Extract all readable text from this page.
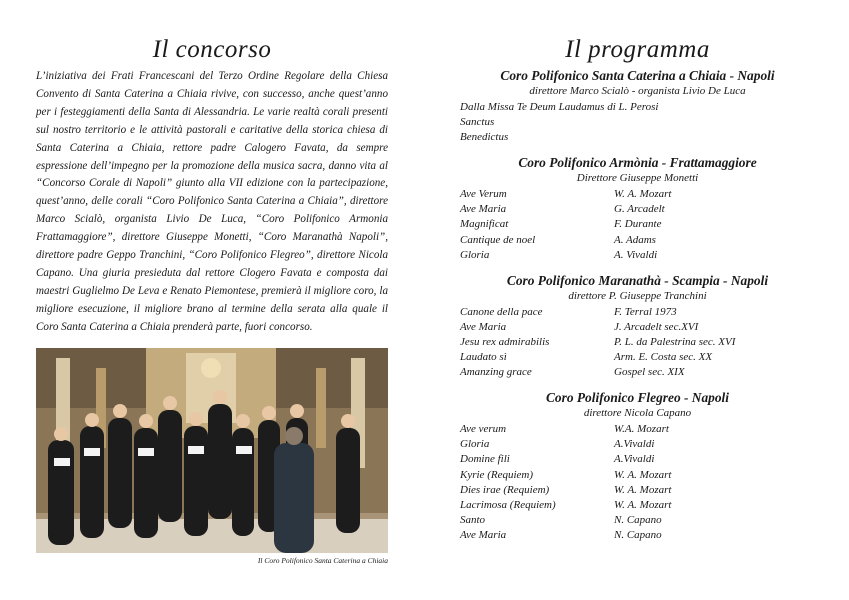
Il concorso

L’iniziativa dei Frati Francescani del Terzo Ordine Regolare della Chiesa Convento di Santa Caterina a Chiaia rivive, con successo, anche quest’anno per i festeggiamenti della Santa di Alessandria. Le varie realtà corali presenti sul nostro territorio e le attività pastorali e caritative della storica chiesa di Santa Caterina a Chiaia, rettore padre Calogero Favata, da sempre espressione dell’impegno per la promozione della musica sacra, danno vita al “Concorso Corale di Napoli” giunto alla VII edizione con la partecipazione, quest’anno, delle corali “Coro Polifonico Santa Caterina a Chiaia”, direttore Marco Scialò, organista Livio De Luca, “Coro Polifonico Armonia Frattamaggiore”, direttore Giuseppe Monetti, “Coro Maranathà Napoli”, direttore padre Geppo Tranchini, “Coro Polifonico Flegreo”, direttore Nicola Capano. Una giuria presieduta dal rettore Clogero Favata e composta dai maestri Guglielmo De Leva e Renato Piemontese, premierà il migliore coro, la migliore esecuzione, il migliore brano al termine della serata alla quale il Coro Santa Caterina a Chiaia prenderà parte, fuori concorso.

Il Coro Polifonico Santa Caterina a Chiaia
Il programma

Coro Polifonico Santa Caterina a Chiaia - Napoli

direttore Marco Scialò - organista Livio De Luca

Dalla Missa Te Deum Laudamus di L. Perosi
Sanctus
Benedictus

Coro Polifonico Armònia - Frattamaggiore

Direttore Giuseppe Monetti

Ave Verum	W. A. Mozart
Ave Maria	G. Arcadelt
Magnificat	F. Durante
Cantique de noel	A. Adams
Gloria	A. Vivaldi

Coro Polifonico Maranathà - Scampia - Napoli

direttore P. Giuseppe Tranchini

Canone della pace	F. Terral 1973
Ave Maria	J. Arcadelt sec.XVI
Jesu rex admirabilis	P. L. da Palestrina sec. XVI
Laudato sì	Arm. E. Costa sec. XX
Amanzing grace	Gospel sec. XIX

Coro Polifonico Flegreo - Napoli

direttore Nicola Capano

Ave verum	W.A. Mozart
Gloria	A.Vivaldi
Domine fili	A.Vivaldi
Kyrie (Requiem)	W. A. Mozart
Dies irae (Requiem)	W. A. Mozart
Lacrimosa (Requiem)	W. A. Mozart
Santo	N. Capano
Ave Maria	N. Capano
